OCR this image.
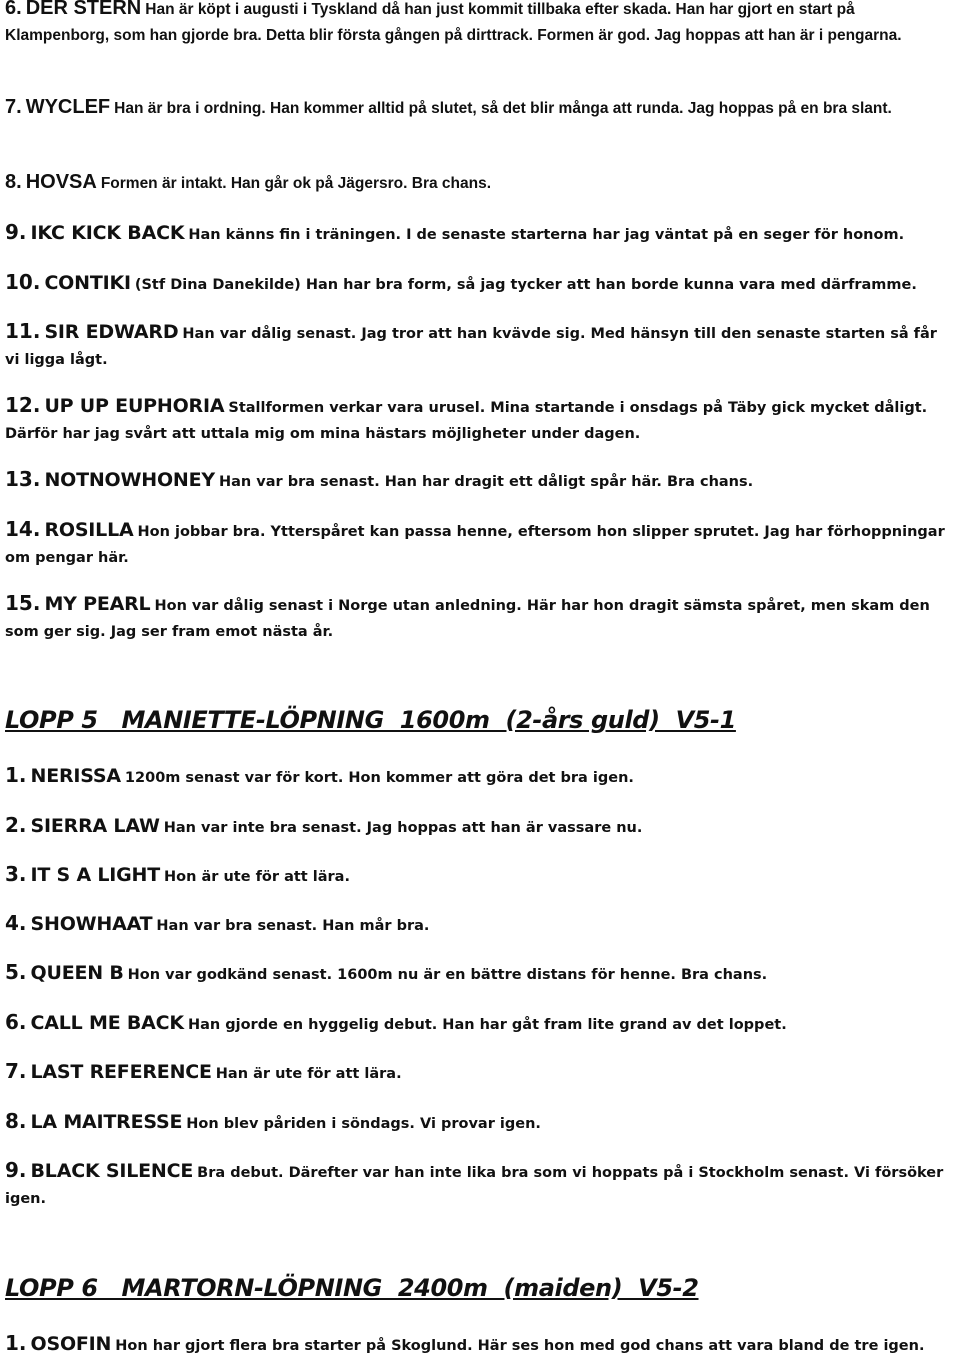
6. DER STERN Han är köpt i augusti i Tyskland då han just kommit tillbaka efter skada. Han har gjort en start på Klampenborg, som han gjorde bra. Detta blir första gången på dirttrack. Formen är god. Jag hoppas att han är i pengarna.
7. WYCLEF Han är bra i ordning. Han kommer alltid på slutet, så det blir många att runda. Jag hoppas på en bra slant.
8. HOVSA Formen är intakt. Han går ok på Jägersro. Bra chans.
9. IKC KICK BACK Han känns fin i träningen. I de senaste starterna har jag väntat på en seger för honom.
10. CONTIKI (Stf Dina Danekilde) Han har bra form, så jag tycker att han borde kunna vara med därframme.
11. SIR EDWARD Han var dålig senast. Jag tror att han kvävde sig. Med hänsyn till den senaste starten så får vi ligga lågt.
12. UP UP EUPHORIA Stallformen verkar vara urusel. Mina startande i onsdags på Täby gick mycket dåligt. Därför har jag svårt att uttala mig om mina hästars möjligheter under dagen.
13. NOTNOWHONEY Han var bra senast. Han har dragit ett dåligt spår här. Bra chans.
14. ROSILLA Hon jobbar bra. Ytterspåret kan passa henne, eftersom hon slipper sprutet. Jag har förhoppningar om pengar här.
15. MY PEARL Hon var dålig senast i Norge utan anledning. Här har hon dragit sämsta spåret, men skam den som ger sig. Jag ser fram emot nästa år.
LOPP 5   MANIETTE-LÖPNING  1600m  (2-års guld)  V5-1
1. NERISSA 1200m senast var för kort. Hon kommer att göra det bra igen.
2. SIERRA LAW Han var inte bra senast. Jag hoppas att han är vassare nu.
3. IT S A LIGHT Hon är ute för att lära.
4. SHOWHAAT Han var bra senast. Han mår bra.
5. QUEEN B Hon var godkänd senast. 1600m nu är en bättre distans för henne. Bra chans.
6. CALL ME BACK Han gjorde en hyggelig debut. Han har gåt fram lite grand av det loppet.
7. LAST REFERENCE Han är ute för att lära.
8. LA MAITRESSE Hon blev påriden i söndags. Vi provar igen.
9. BLACK SILENCE Bra debut. Därefter var han inte lika bra som vi hoppats på i Stockholm senast. Vi försöker igen.
LOPP 6   MARTORN-LÖPNING  2400m  (maiden)  V5-2
1. OSOFIN Hon har gjort flera bra starter på Skoglund. Här ses hon med god chans att vara bland de tre igen.
